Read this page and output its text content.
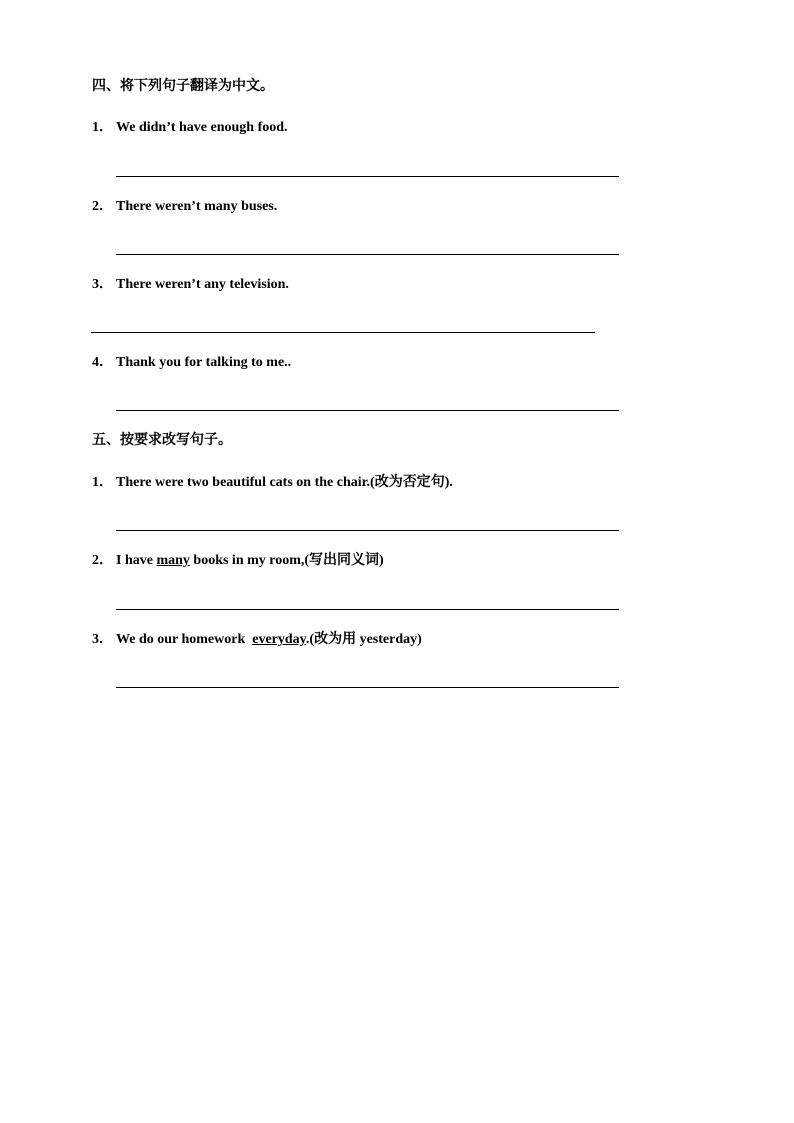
四、将下列句子翻译为中文。
1． We didn’t have enough food.
2． There weren’t many buses.
3． There weren’t any television.
4． Thank you for talking to me..
五、按要求改写句子。
1． There were two beautiful cats on the chair.(改为否定句).
2． I have many books in my room,(写出同义词)
3． We do our homework  everyday.(改为用 yesterday)
